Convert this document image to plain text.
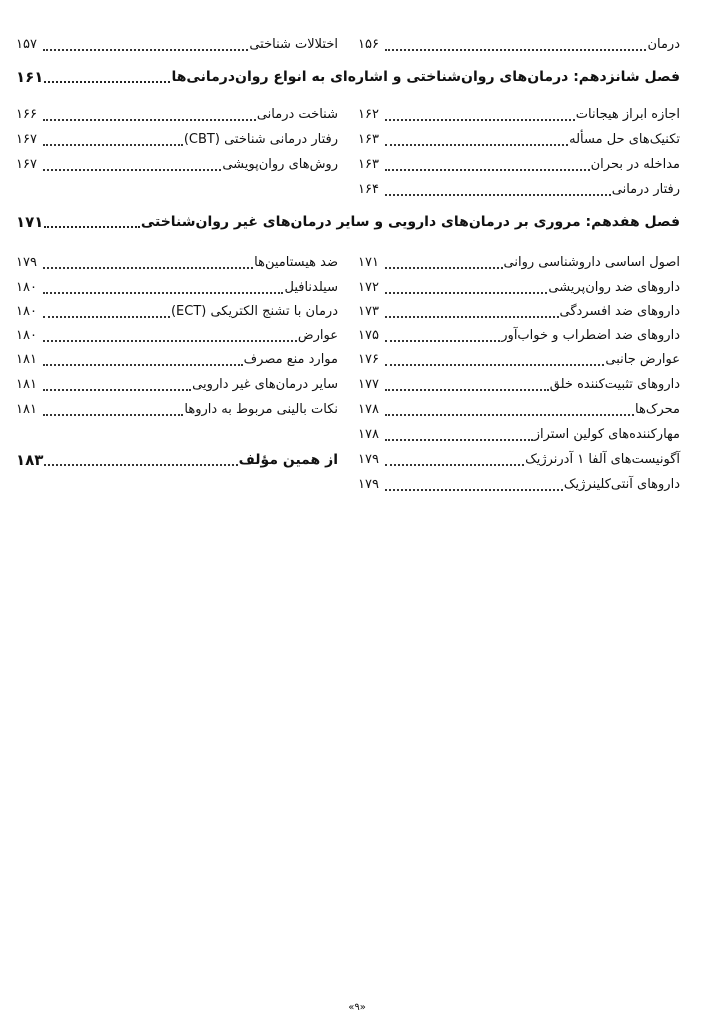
درمان
۱۵۶
اختلالات شناختی
۱۵۷
فصل شانزدهم: درمان‌های روان‌شناختی و اشاره‌ای به انواع روان‌درمانی‌ها
۱۶۱
اجازه ابراز هیجانات
۱۶۲
شناخت درمانی
۱۶۶
تکنیک‌های حل مسأله
۱۶۳
رفتار درمانی شناختی (CBT)
۱۶۷
مداخله در بحران
۱۶۳
روش‌های روان‌پویشی
۱۶۷
رفتار درمانی
۱۶۴
فصل هفدهم: مروری بر درمان‌های دارویی و سایر درمان‌های غیر روان‌شناختی
۱۷۱
اصول اساسی داروشناسی روانی
۱۷۱
ضد هیستامین‌ها
۱۷۹
داروهای ضد روان‌پریشی
۱۷۲
سیلدنافیل
۱۸۰
داروهای ضد افسردگی
۱۷۳
درمان با تشنج الکتریکی (ECT)
۱۸۰
داروهای ضد اضطراب و خواب‌آور
۱۷۵
عوارض
۱۸۰
عوارض جانبی
۱۷۶
موارد منع مصرف
۱۸۱
داروهای تثبیت‌کننده خلق
۱۷۷
سایر درمان‌های غیر دارویی
۱۸۱
محرک‌ها
۱۷۸
نکات بالینی مربوط به داروها
۱۸۱
مهارکننده‌های کولین استراز
۱۷۸
آگونیست‌های آلفا ۱ آدرنرژیک
۱۷۹
از همین مؤلف
۱۸۳
داروهای آنتی‌کلینرژیک
۱۷۹
«۹»
